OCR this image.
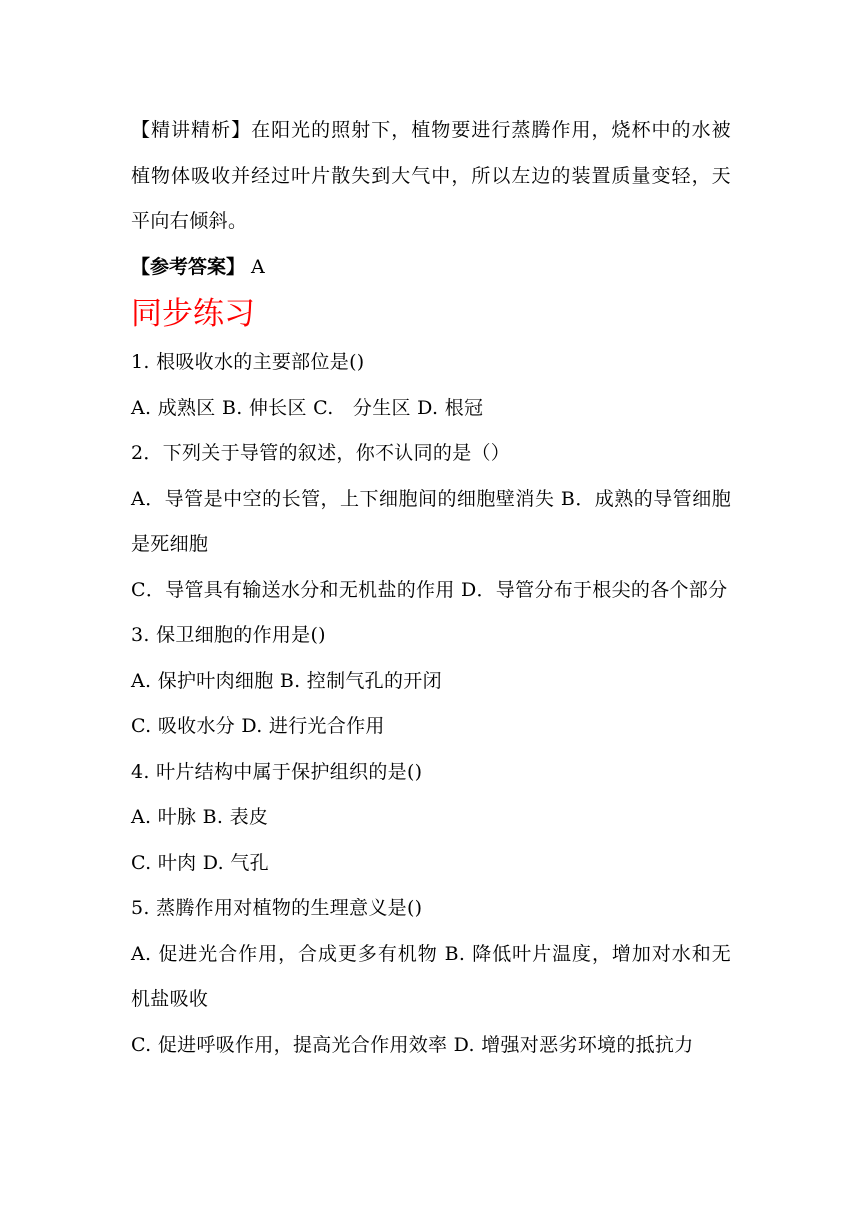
【精讲精析】在阳光的照射下，植物要进行蒸腾作用，烧杯中的水被植物体吸收并经过叶片散失到大气中，所以左边的装置质量变轻，天平向右倾斜。

【参考答案】 A

同步练习

1. 根吸收水的主要部位是()

A. 成熟区 B. 伸长区 C.　分生区 D. 根冠

2．下列关于导管的叙述，你不认同的是（）

A．导管是中空的长管，上下细胞间的细胞壁消失 B．成熟的导管细胞是死细胞

C．导管具有输送水分和无机盐的作用 D．导管分布于根尖的各个部分

3. 保卫细胞的作用是()

A. 保护叶肉细胞 B. 控制气孔的开闭

C. 吸收水分 D. 进行光合作用

4. 叶片结构中属于保护组织的是()

A. 叶脉 B. 表皮

C. 叶肉 D. 气孔

5. 蒸腾作用对植物的生理意义是()

A. 促进光合作用，合成更多有机物 B. 降低叶片温度，增加对水和无机盐吸收

C. 促进呼吸作用，提高光合作用效率 D. 增强对恶劣环境的抵抗力
